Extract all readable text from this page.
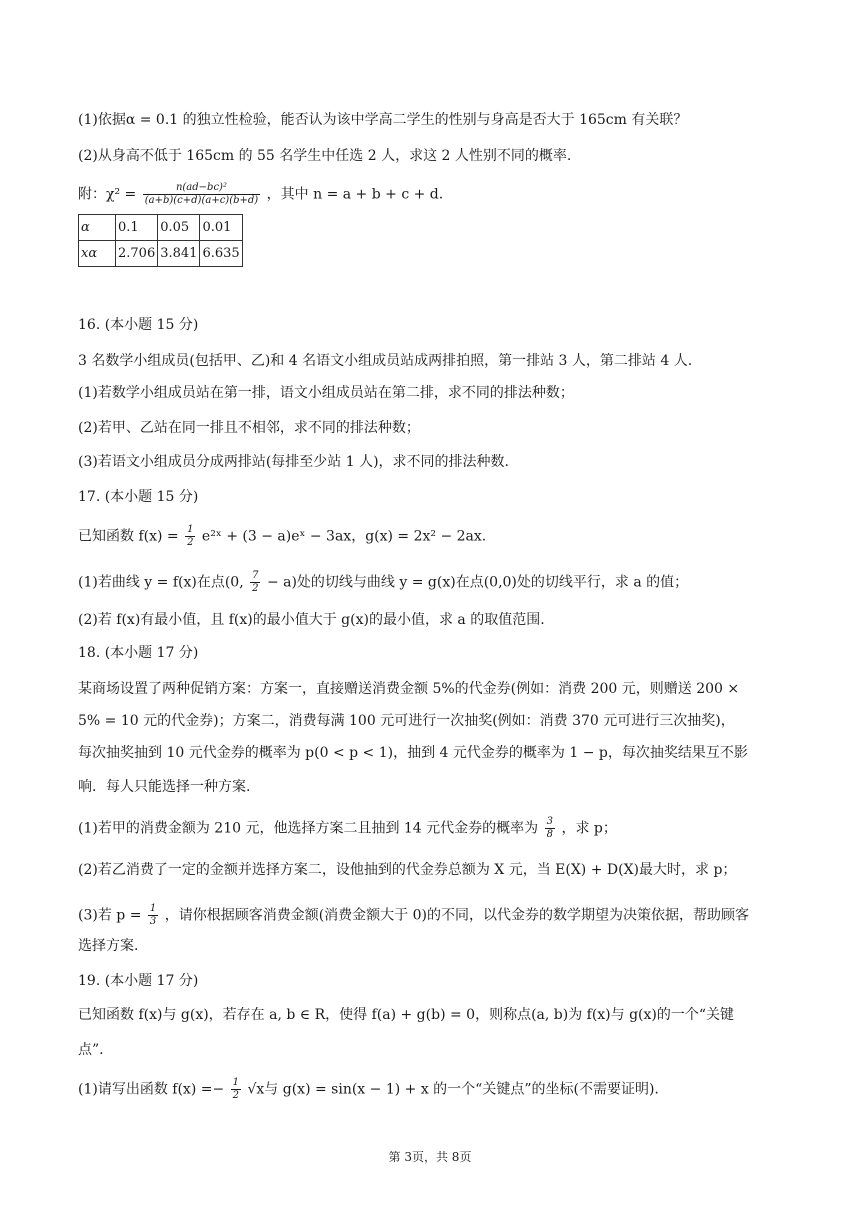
(1)依据α = 0.1 的独立性检验，能否认为该中学高二学生的性别与身高是否大于 165cm 有关联？
(2)从身高不低于 165cm 的 55 名学生中任选 2 人，求这 2 人性别不同的概率.
附：$\chi^2 = \frac{\text{n(ad−bc)²}}{(a+b)(c+d)(a+c)(b+d)}$ ，其中 n = a + b + c + d.
α	0.1	0.05	0.01
xα	2.706	3.841	6.635
16. (本小题 15 分)
3 名数学小组成员(包括甲、乙)和 4 名语文小组成员站成两排拍照，第一排站 3 人，第二排站 4 人.
(1)若数学小组成员站在第一排，语文小组成员站在第二排，求不同的排法种数；
(2)若甲、乙站在同一排且不相邻，求不同的排法种数；
(3)若语文小组成员分成两排站(每排至少站 1 人)，求不同的排法种数.
17. (本小题 15 分)
已知函数 $f(x) = \frac{1}{2}$ e²ˣ + (3 − a)eˣ − 3ax，g(x) = 2x² − 2ax.
(1)若曲线 y = f(x)在点(0, $\frac{7}{2} - a$)处的切线与曲线 y = g(x)在点(0,0)处的切线平行，求 a 的值；
(2)若 f(x)有最小值，且 f(x)的最小值大于 g(x)的最小值，求 a 的取值范围.
18. (本小题 17 分)
某商场设置了两种促销方案：方案一，直接赠送消费金额 5%的代金券(例如：消费 200 元，则赠送 200 ×
5% = 10 元的代金券)；方案二，消费每满 100 元可进行一次抽奖(例如：消费 370 元可进行三次抽奖)，
每次抽奖抽到 10 元代金券的概率为 p(0 < p < 1)，抽到 4 元代金券的概率为 1 − p，每次抽奖结果互不影
响．每人只能选择一种方案.
(1)若甲的消费金额为 210 元，他选择方案二且抽到 14 元代金券的概率为 $\frac{3}{8}$ ，求 p；
(2)若乙消费了一定的金额并选择方案二，设他抽到的代金券总额为 X 元，当 E(X) + D(X)最大时，求 p；
(3)若 $p = \frac{1}{3}$ ，请你根据顾客消费金额(消费金额大于 0)的不同，以代金券的数学期望为决策依据，帮助顾客
选择方案.
19. (本小题 17 分)
已知函数 f(x)与 g(x)，若存在 a, b ∈ R，使得 f(a) + g(b) = 0，则称点(a, b)为 f(x)与 g(x)的一个“关键
点”.
(1)请写出函数 $f(x) =- \frac{1}{2} √x$与 g(x) = sin(x − 1) + x 的一个“关键点”的坐标(不需要证明).
第 3页，共 8页
